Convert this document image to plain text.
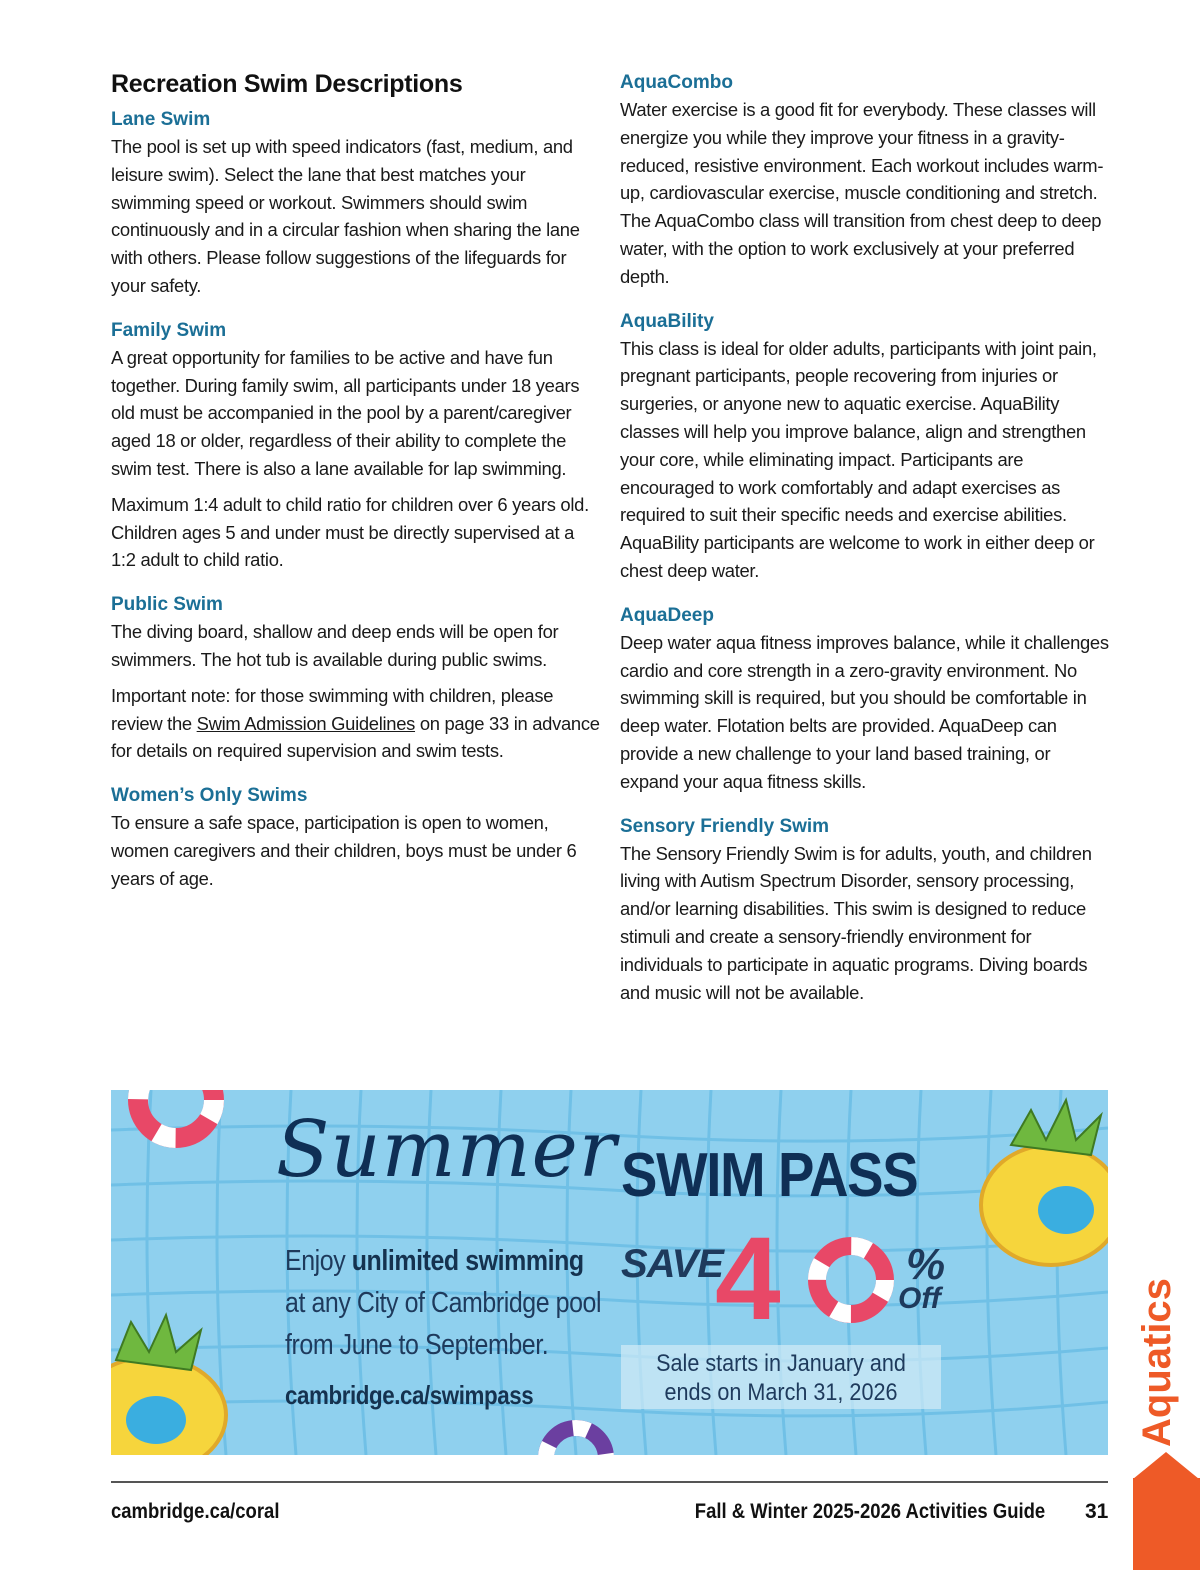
Recreation Swim Descriptions
Lane Swim

The pool is set up with speed indicators (fast, medium, and leisure swim). Select the lane that best matches your swimming speed or workout. Swimmers should swim continuously and in a circular fashion when sharing the lane with others. Please follow suggestions of the lifeguards for your safety.

Family Swim

A great opportunity for families to be active and have fun together. During family swim, all participants under 18 years old must be accompanied in the pool by a parent/caregiver aged 18 or older, regardless of their ability to complete the swim test. There is also a lane available for lap swimming.

Maximum 1:4 adult to child ratio for children over 6 years old. Children ages 5 and under must be directly supervised at a 1:2 adult to child ratio.

Public Swim

The diving board, shallow and deep ends will be open for swimmers. The hot tub is available during public swims.

Important note: for those swimming with children, please review the Swim Admission Guidelines on page 33 in advance for details on required supervision and swim tests.

Women’s Only Swims

To ensure a safe space, participation is open to women, women caregivers and their children, boys must be under 6 years of age.

AquaCombo

Water exercise is a good fit for everybody. These classes will energize you while they improve your fitness in a gravity-reduced, resistive environment. Each workout includes warm-up, cardiovascular exercise, muscle conditioning and stretch. The AquaCombo class will transition from chest deep to deep water, with the option to work exclusively at your preferred depth.

AquaBility

This class is ideal for older adults, participants with joint pain, pregnant participants, people recovering from injuries or surgeries, or anyone new to aquatic exercise. AquaBility classes will help you improve balance, align and strengthen your core, while eliminating impact. Participants are encouraged to work comfortably and adapt exercises as required to suit their specific needs and exercise abilities. AquaBility participants are welcome to work in either deep or chest deep water.

AquaDeep

Deep water aqua fitness improves balance, while it challenges cardio and core strength in a zero-gravity environment. No swimming skill is required, but you should be comfortable in deep water. Flotation belts are provided. AquaDeep can provide a new challenge to your land based training, or expand your aqua fitness skills.

Sensory Friendly Swim

The Sensory Friendly Swim is for adults, youth, and children living with Autism Spectrum Disorder, sensory processing, and/or learning disabilities. This swim is designed to reduce stimuli and create a sensory-friendly environment for individuals to participate in aquatic programs. Diving boards and music will not be available.

Summer SWIM PASS
Enjoy unlimited swimming
at any City of Cambridge pool
from June to September.
cambridge.ca/swimpass
SAVE
4	%
Off
Sale starts in January and
ends on March 31, 2026
cambridge.ca/coral	Fall & Winter 2025-2026 Activities Guide 31
Aquatics
